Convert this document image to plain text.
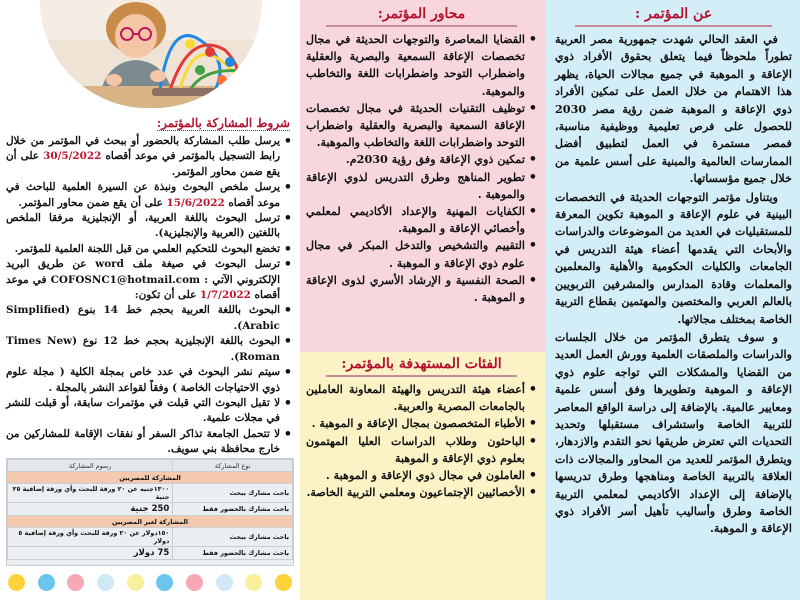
عن المؤتمر :

في العقد الحالي شهدت جمهورية مصر العربية تطوراً ملحوظاً فيما يتعلق بحقوق الأفراد ذوي الإعاقة و الموهبة في جميع مجالات الحياة، يظهر هذا الاهتمام من خلال العمل على تمكين الأفراد ذوي الإعاقة و الموهبة ضمن رؤية مصر 2030 للحصول على فرص تعليمية ووظيفية مناسبة، فمصر مستمرة في العمل لتطبيق أفضل الممارسات العالمية والمبنية على أسس علمية من خلال جميع مؤسساتها.

ويتناول مؤتمر التوجهات الحديثة في التخصصات البينية في علوم الإعاقة و الموهبة تكوين المعرفة للمستقبليات في العديد من الموضوعات والدراسات والأبحاث التي يقدمها أعضاء هيئة التدريس في الجامعات والكليات الحكومية والأهلية والمعلمين والمعلمات وقادة المدارس والمشرفين التربويين بالعالم العربي والمختصين والمهتمين بقطاع التربية الخاصة بمختلف مجالاتها.

و سوف يتطرق المؤتمر من خلال الجلسات والدراسات والملصقات العلمية وورش العمل العديد من القضايا والمشكلات التي تواجه علوم ذوي الإعاقة و الموهبة وتطويرها وفق أسس علمية ومعايير عالمية. بالإضافة إلى دراسة الواقع المعاصر للتربية الخاصة واستشراف مستقبلها وتحديد التحديات التي تعترض طريقها نحو التقدم والازدهار، ويتطرق المؤتمر للعديد من المحاور والمجالات ذات العلاقة بالتربية الخاصة ومناهجها وطرق تدريسها بالإضافة إلى الإعداد الأكاديمي لمعلمي التربية الخاصة وطرق وأساليب تأهيل أسر الأفراد ذوي الإعاقة و الموهبة.

محاور المؤتمر:
• القضايا المعاصرة والتوجهات الحديثة في مجال تخصصات الإعاقة السمعية والبصرية والعقلية واضطراب التوحد واضطرابات اللغة والتخاطب والموهبة.
• توظيف التقنيات الحديثة في مجال تخصصات الإعاقة السمعية والبصرية والعقلية واضطراب التوحد واضطرابات اللغة والتخاطب والموهبة.
• تمكين ذوي الإعاقة وفق رؤية 2030م.
• تطوير المناهج وطرق التدريس لذوي الإعاقة والموهبة .
• الكفايات المهنية والإعداد الأكاديمي لمعلمي وأخصائي الإعاقة و الموهبة.
• التقييم والتشخيص والتدخل المبكر في مجال علوم ذوي الإعاقة و الموهبة .
• الصحة النفسية و الإرشاد الأسري لذوى الإعاقة و الموهبة .
الفئات المستهدفة بالمؤتمر:
• أعضاء هيئة التدريس والهيئة المعاونة العاملين بالجامعات المصرية والعربية.
• الأطباء المتخصصون بمجال الإعاقة و الموهبة .
• الباحثون وطلاب الدراسات العليا المهتمون بعلوم ذوي الإعاقة و الموهبة
• العاملون في مجال ذوي الإعاقة و الموهبة .
• الأخصائيين الإجتماعيون ومعلمي التربية الخاصة.
شروط المشاركة بالمؤتمر:
• يرسل طلب المشاركة بالحضور أو ببحث في المؤتمر من خلال رابط التسجيل بالمؤتمر في موعد أقصاه 30/5/2022 على أن يقع ضمن محاور المؤتمر.
• يرسل ملخص البحوث ونبذة عن السيرة العلمية للباحث في موعد أقصاه 15/6/2022 على أن يقع ضمن محاور المؤتمر.
• ترسل البحوث باللغة العربية، أو الإنجليزية مرفقا الملخص باللغتين (العربية والإنجليزية).
• تخضع البحوث للتحكيم العلمي من قبل اللجنة العلمية للمؤتمر.
• ترسل البحوث في صيغة ملف word عن طريق البريد الإلكتروني الآتي : COFOSNC1@hotmail.com في موعد أقصاه 1/7/2022 على أن تكون:
• البحوث باللغة العربية بحجم خط 14 بنوع (Simplified Arabic).
• البحوث باللغة الإنجليزية بحجم خط 12 نوع (Times New Roman).
• سيتم نشر البحوث في عدد خاص بمجلة الكلية ( مجلة علوم ذوي الاحتياجات الخاصة ) وفقاً لقواعد النشر بالمجلة .
• لا تقبل البحوث التي قبلت في مؤتمرات سابقة، أو قبلت للنشر في مجلات علمية.
• لا تتحمل الجامعة تذاكر السفر أو نفقات الإقامة للمشاركين من خارج محافظة بني سويف.
نوع المشاركة	رسوم المشاركة
المشاركة للمصريين	
باحث مشارك ببحث	١٣٠٠جنيه عن ٢٠ ورقة للبحث وأي ورقة إضافية ٢٥ جنية
باحث مشارك بالحضور فقط	250 جنية
المشاركة لغير المصريين	
باحث مشارك ببحث	١٥٠دولار عن ٢٠ ورقة للبحث وأي ورقة إضافية ٥ دولار
باحث مشارك بالحضور فقط	75 دولار
